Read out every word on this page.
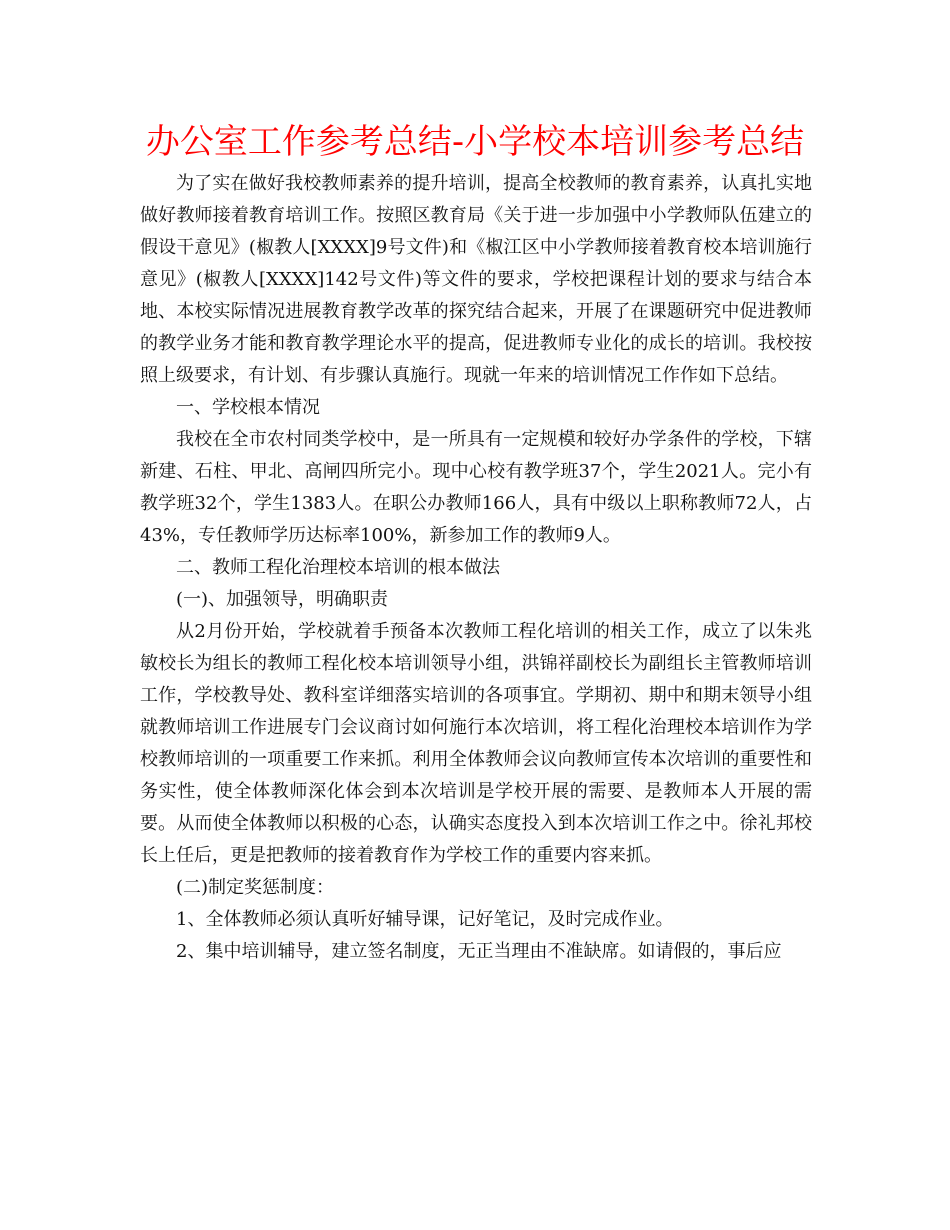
办公室工作参考总结-小学校本培训参考总结

为了实在做好我校教师素养的提升培训，提高全校教师的教育素养，认真扎实地做好教师接着教育培训工作。按照区教育局《关于进一步加强中小学教师队伍建立的假设干意见》(椒教人[XXXX]9号文件)和《椒江区中小学教师接着教育校本培训施行意见》(椒教人[XXXX]142号文件)等文件的要求，学校把课程计划的要求与结合本地、本校实际情况进展教育教学改革的探究结合起来，开展了在课题研究中促进教师的教学业务才能和教育教学理论水平的提高，促进教师专业化的成长的培训。我校按照上级要求，有计划、有步骤认真施行。现就一年来的培训情况工作作如下总结。

一、学校根本情况

我校在全市农村同类学校中，是一所具有一定规模和较好办学条件的学校，下辖新建、石柱、甲北、高闸四所完小。现中心校有教学班37个，学生2021人。完小有教学班32个，学生1383人。在职公办教师166人，具有中级以上职称教师72人，占43%，专任教师学历达标率100%，新参加工作的教师9人。

二、教师工程化治理校本培训的根本做法

(一)、加强领导，明确职责

从2月份开始，学校就着手预备本次教师工程化培训的相关工作，成立了以朱兆敏校长为组长的教师工程化校本培训领导小组，洪锦祥副校长为副组长主管教师培训工作，学校教导处、教科室详细落实培训的各项事宜。学期初、期中和期末领导小组就教师培训工作进展专门会议商讨如何施行本次培训，将工程化治理校本培训作为学校教师培训的一项重要工作来抓。利用全体教师会议向教师宣传本次培训的重要性和务实性，使全体教师深化体会到本次培训是学校开展的需要、是教师本人开展的需要。从而使全体教师以积极的心态，认确实态度投入到本次培训工作之中。徐礼邦校长上任后，更是把教师的接着教育作为学校工作的重要内容来抓。

(二)制定奖惩制度：

1、全体教师必须认真听好辅导课，记好笔记，及时完成作业。

2、集中培训辅导，建立签名制度，无正当理由不准缺席。如请假的，事后应
